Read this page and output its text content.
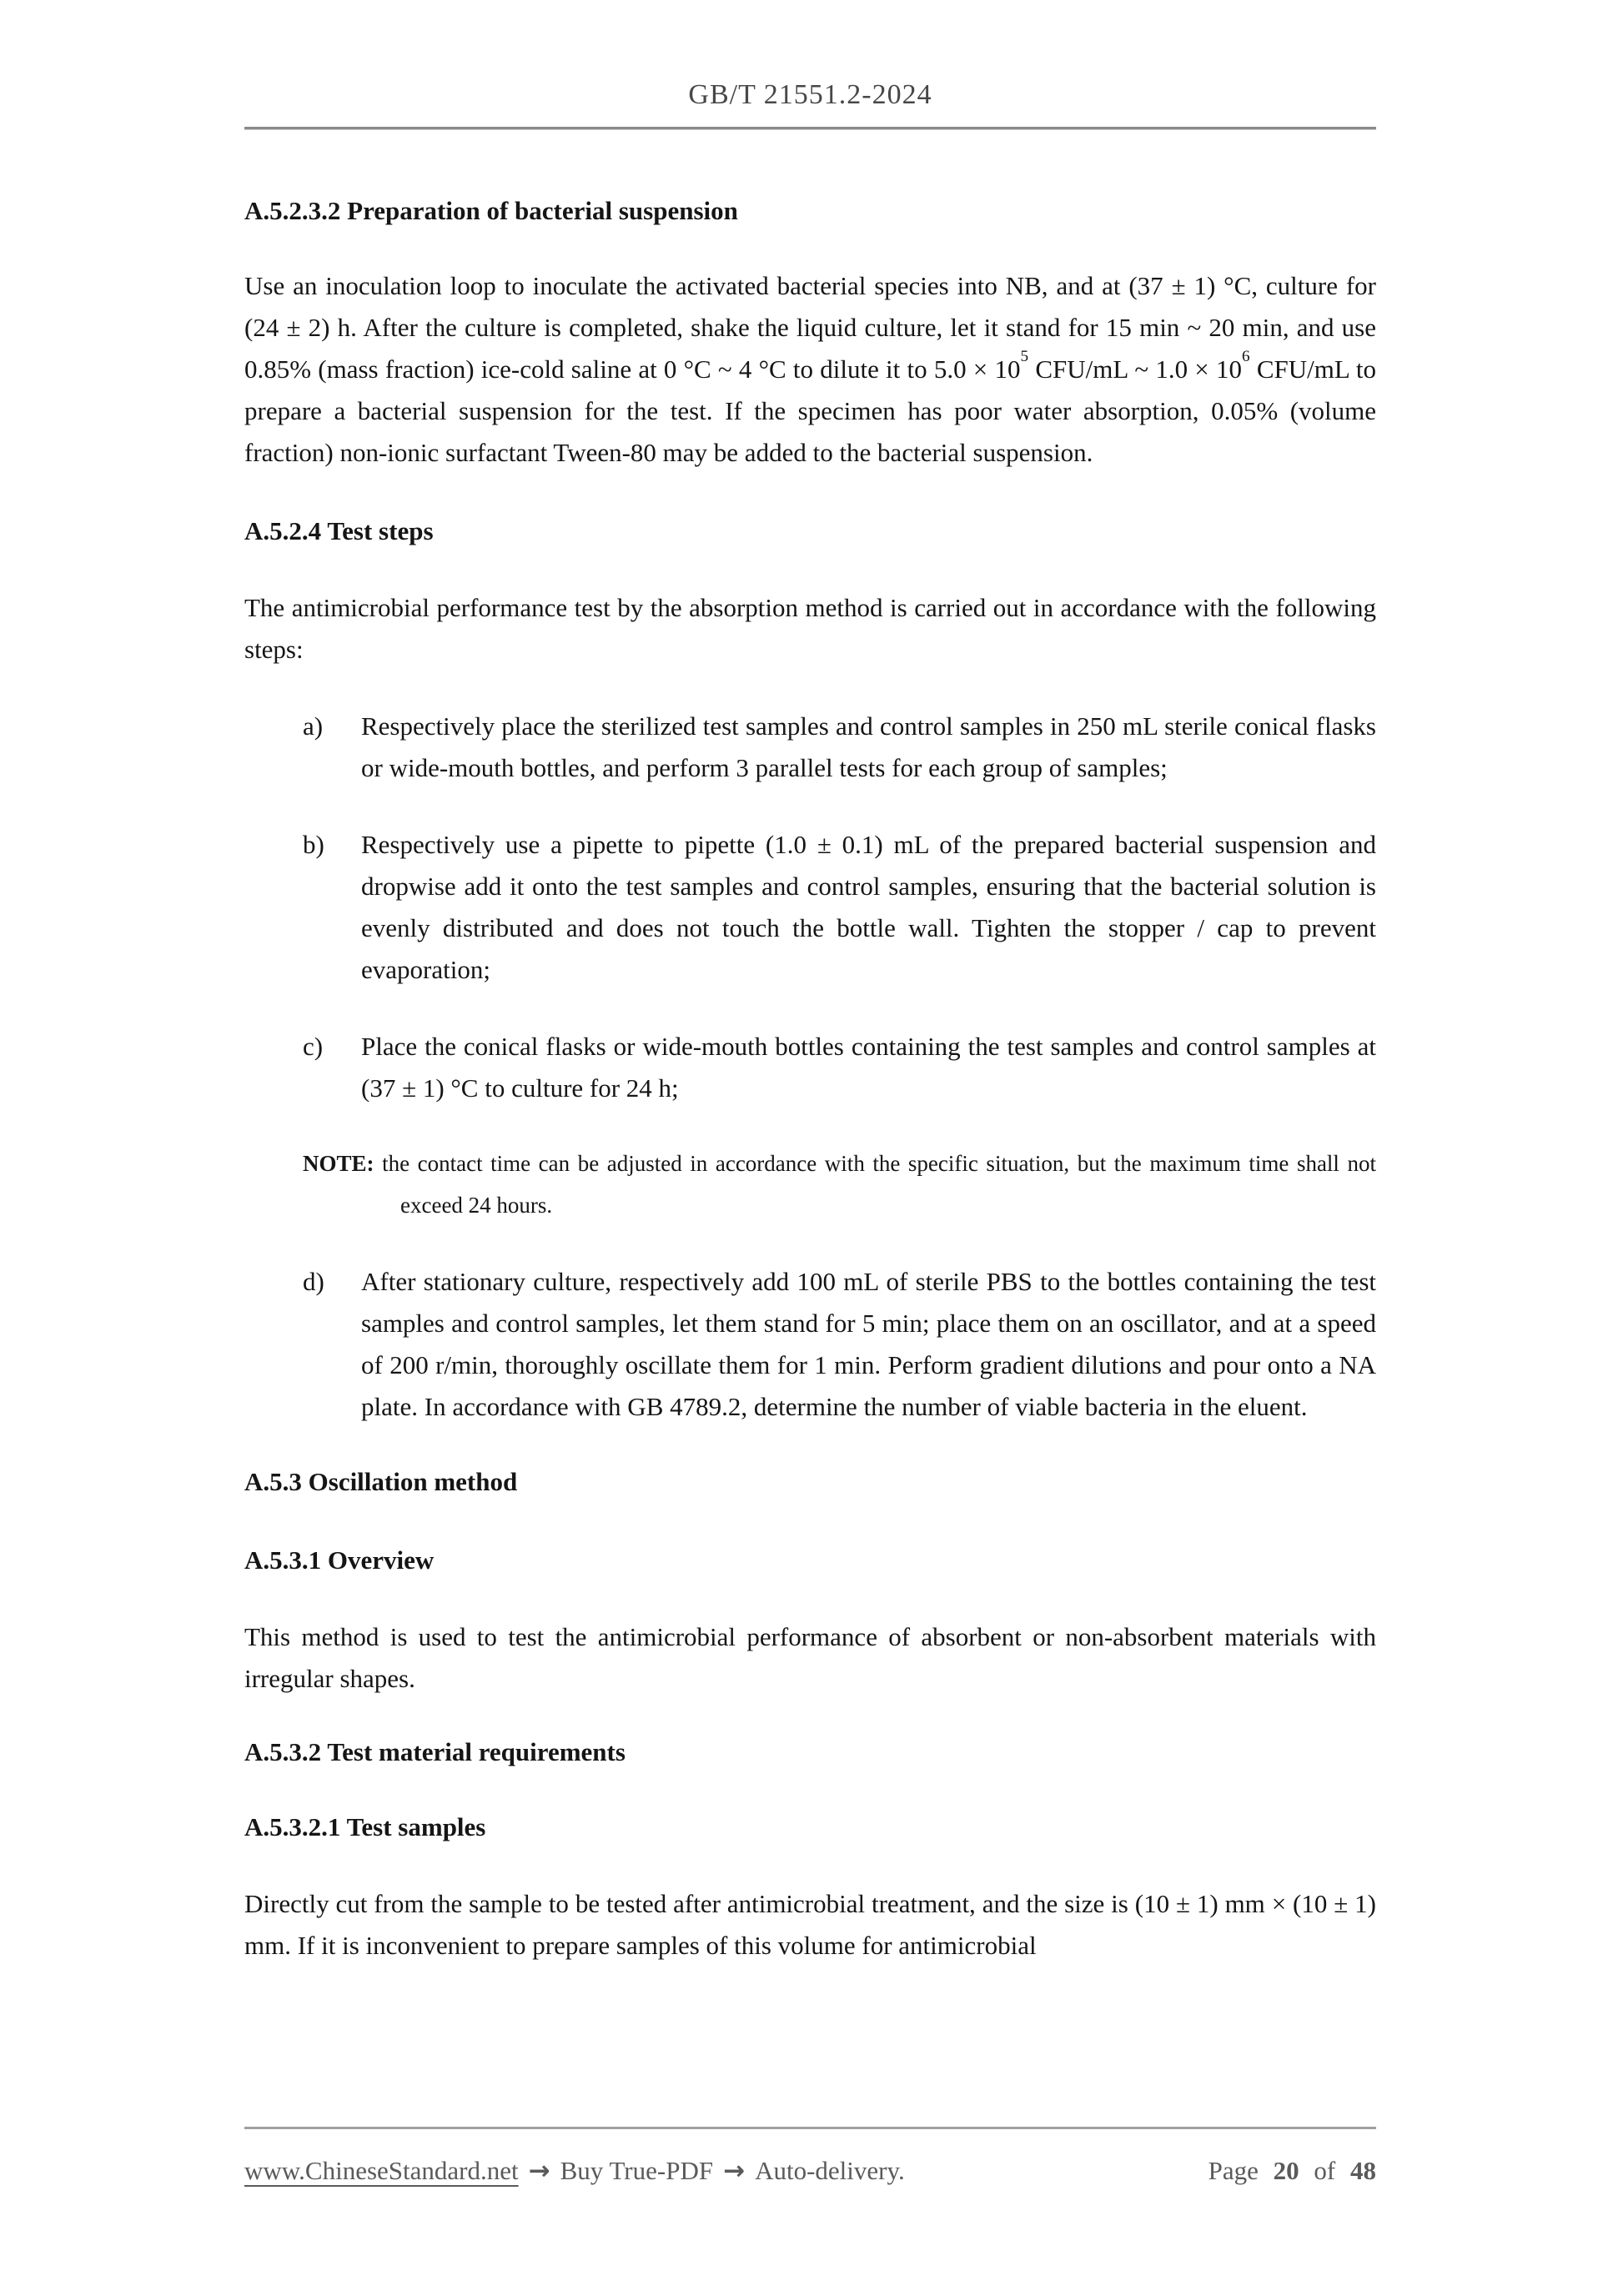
GB/T 21551.2-2024
A.5.2.3.2 Preparation of bacterial suspension

Use an inoculation loop to inoculate the activated bacterial species into NB, and at (37 ± 1) °C, culture for (24 ± 2) h. After the culture is completed, shake the liquid culture, let it stand for 15 min ~ 20 min, and use 0.85% (mass fraction) ice-cold saline at 0 °C ~ 4 °C to dilute it to $5.0 \times 10^5$ CFU/mL ~ $1.0 \times 10^6$ CFU/mL to prepare a bacterial suspension for the test. If the specimen has poor water absorption, 0.05% (volume fraction) non-ionic surfactant Tween-80 may be added to the bacterial suspension.

A.5.2.4 Test steps

The antimicrobial performance test by the absorption method is carried out in accordance with the following steps:

a) Respectively place the sterilized test samples and control samples in 250 mL sterile conical flasks or wide-mouth bottles, and perform 3 parallel tests for each group of samples;
b) Respectively use a pipette to pipette (1.0 ± 0.1) mL of the prepared bacterial suspension and dropwise add it onto the test samples and control samples, ensuring that the bacterial solution is evenly distributed and does not touch the bottle wall. Tighten the stopper / cap to prevent evaporation;
c) Place the conical flasks or wide-mouth bottles containing the test samples and control samples at (37 ± 1) °C to culture for 24 h;
NOTE: the contact time can be adjusted in accordance with the specific situation, but the maximum time shall not exceed 24 hours.
d) After stationary culture, respectively add 100 mL of sterile PBS to the bottles containing the test samples and control samples, let them stand for 5 min; place them on an oscillator, and at a speed of 200 r/min, thoroughly oscillate them for 1 min. Perform gradient dilutions and pour onto a NA plate. In accordance with GB 4789.2, determine the number of viable bacteria in the eluent.
A.5.3 Oscillation method
A.5.3.1 Overview

This method is used to test the antimicrobial performance of absorbent or non-absorbent materials with irregular shapes.

A.5.3.2 Test material requirements
A.5.3.2.1 Test samples

Directly cut from the sample to be tested after antimicrobial treatment, and the size is (10 ± 1) mm × (10 ± 1) mm. If it is inconvenient to prepare samples of this volume for antimicrobial

www.ChineseStandard.net → Buy True-PDF → Auto-delivery.	Page 20 of 48
